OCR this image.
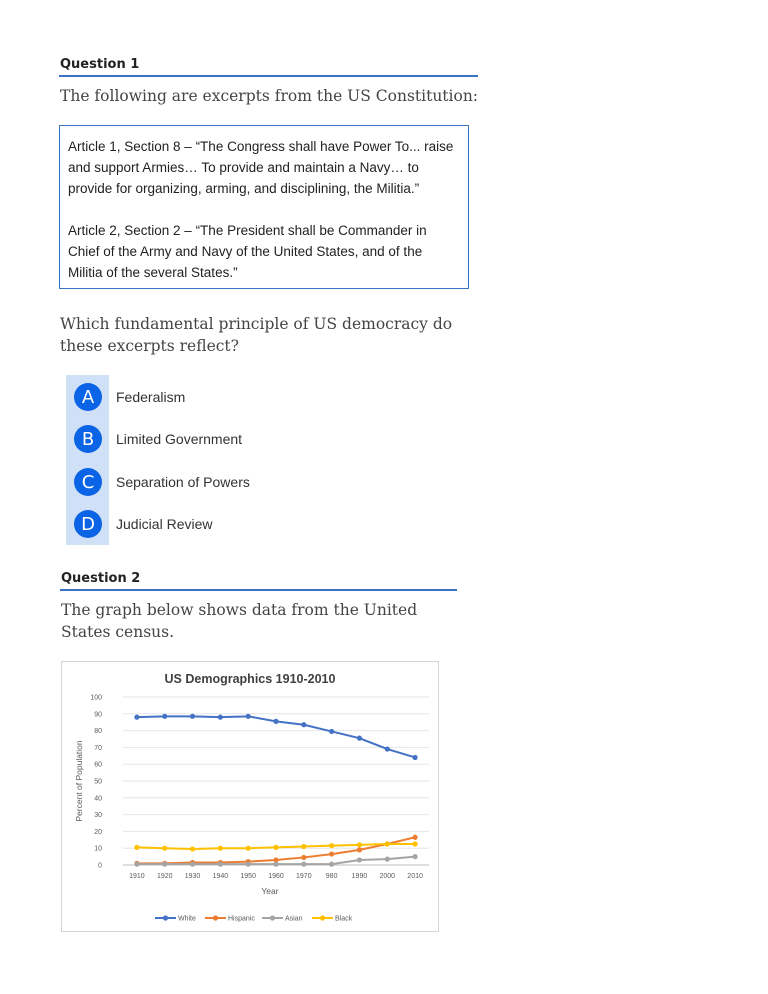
Question 1
The following are excerpts from the US Constitution:

Article 1, Section 8 – “The Congress shall have Power To... raise and support Armies… To provide and maintain a Navy… to provide for organizing, arming, and disciplining, the Militia.”

Article 2, Section 2 – “The President shall be Commander in Chief of the Army and Navy of the United States, and of the Militia of the several States.”

Which fundamental principle of US democracy do these excerpts reflect?
A	Federalism
B	Limited Government
C	Separation of Powers
D	Judicial Review
Question 2
The graph below shows data from the United States census.
US Demographics 1910-2010
0
10
20
30
40
50
60
70
80
90
100
1910 1920 1930 1940 1950 1960 1970 980 1990 2000 2010
Year
Percent of Population
White	Hispanic	Asian	Black
